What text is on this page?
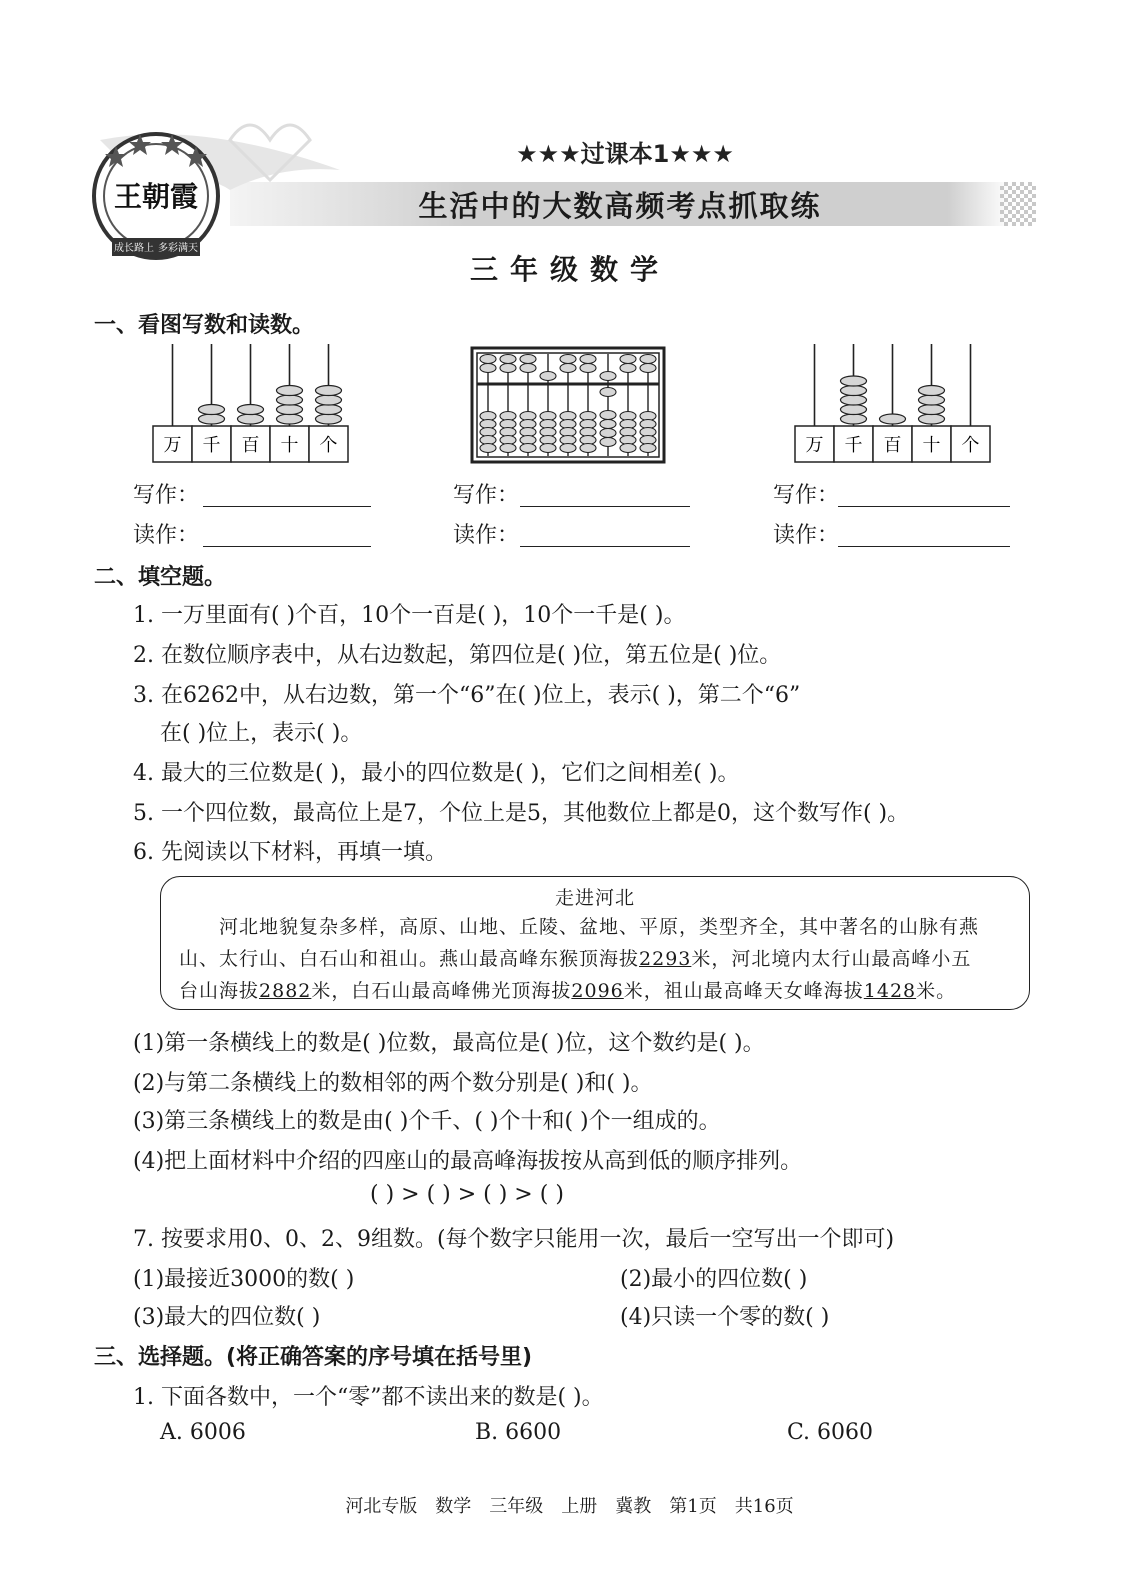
王朝霞
成长路上 多彩满天
★★★过课本1★★★
生活中的大数高频考点抓取练
三年级数学
一、看图写数和读数。
万 千 百 十 个	万 千 百 十 个
写作：
读作：
写作：
读作：
写作：
读作：
二、填空题。
1. 一万里面有( )个百，10个一百是( )，10个一千是( )。
2. 在数位顺序表中，从右边数起，第四位是( )位，第五位是( )位。
3. 在6262中，从右边数，第一个“6”在( )位上，表示( )，第二个“6”
在( )位上，表示( )。
4. 最大的三位数是( )，最小的四位数是( )，它们之间相差( )。
5. 一个四位数，最高位上是7，个位上是5，其他数位上都是0，这个数写作( )。
6. 先阅读以下材料，再填一填。

走进河北

河北地貌复杂多样，高原、山地、丘陵、盆地、平原，类型齐全，其中著名的山脉有燕

山、太行山、白石山和祖山。燕山最高峰东猴顶海拔2293米，河北境内太行山最高峰小五

台山海拔2882米，白石山最高峰佛光顶海拔2096米，祖山最高峰天女峰海拔1428米。

(1)第一条横线上的数是( )位数，最高位是( )位，这个数约是( )。
(2)与第二条横线上的数相邻的两个数分别是( )和( )。
(3)第三条横线上的数是由( )个千、( )个十和( )个一组成的。
(4)把上面材料中介绍的四座山的最高峰海拔按从高到低的顺序排列。
( ) > ( ) > ( ) > ( )
7. 按要求用0、0、2、9组数。(每个数字只能用一次，最后一空写出一个即可)
(1)最接近3000的数( )	(2)最小的四位数( )
(3)最大的四位数( )	(4)只读一个零的数( )
三、选择题。(将正确答案的序号填在括号里)
1. 下面各数中，一个“零”都不读出来的数是( )。
A. 6006	B. 6600	C. 6060
河北专版　数学　三年级　上册　冀教　第1页　共16页
